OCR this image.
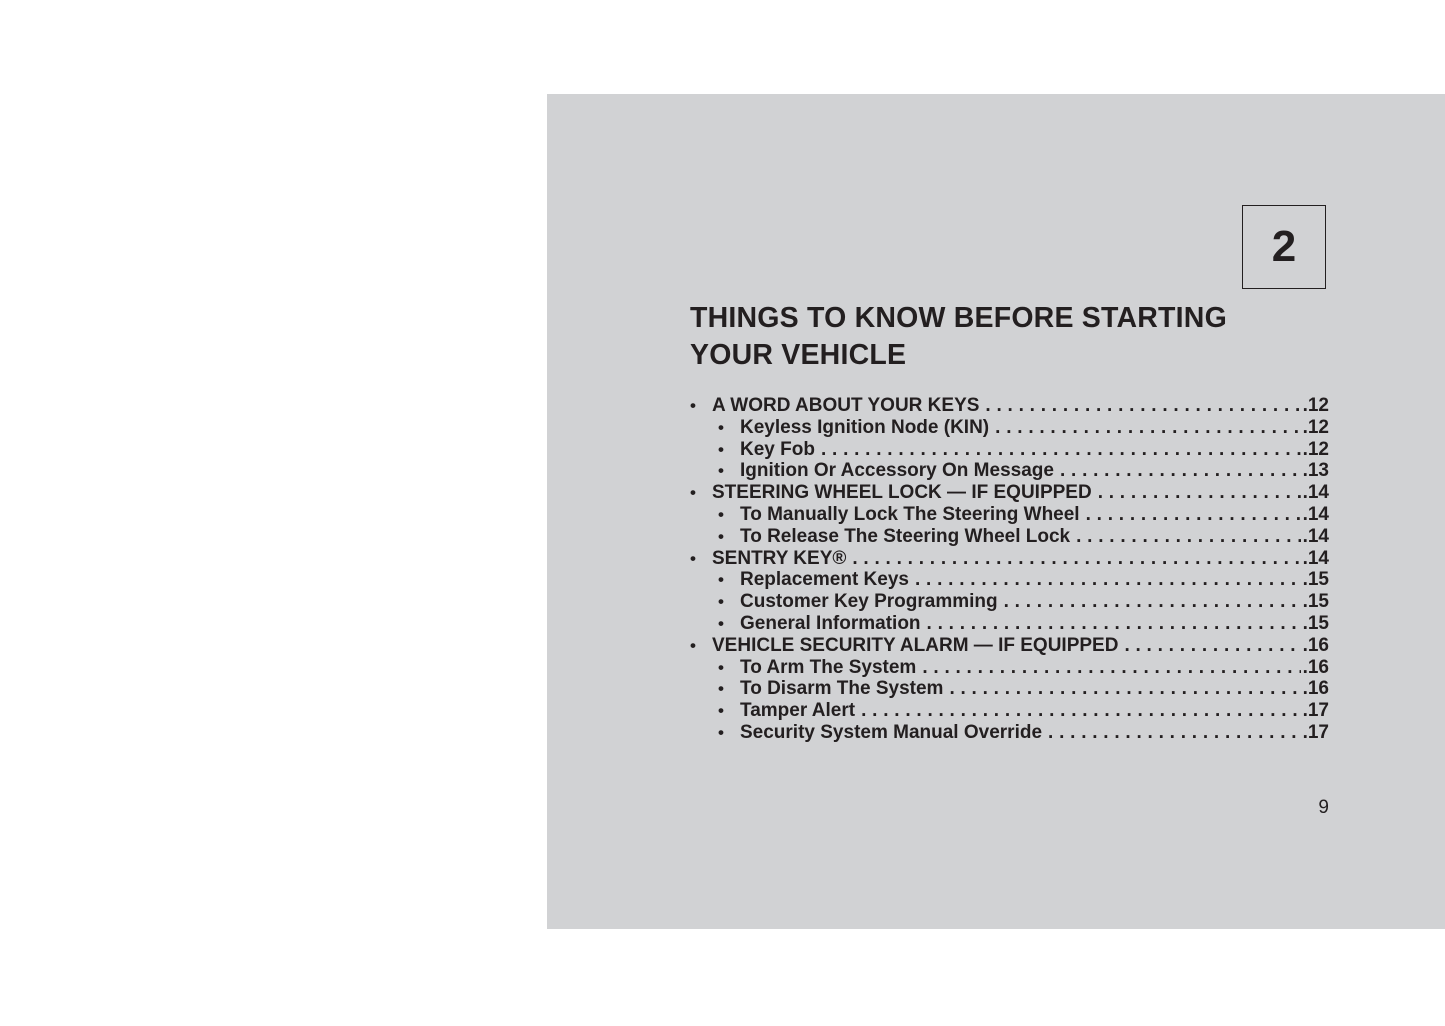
2
THINGS TO KNOW BEFORE STARTING
YOUR VEHICLE
• A WORD ABOUT YOUR KEYS . . .	.12
• Keyless Ignition Node (KIN) . . .	.12
• Key Fob . . .	.12
• Ignition Or Accessory On Message . . .	.13
• STEERING WHEEL LOCK — IF EQUIPPED . . .	.14
• To Manually Lock The Steering Wheel . . .	.14
• To Release The Steering Wheel Lock . . .	.14
• SENTRY KEY® . . .	.14
• Replacement Keys . . .	.15
• Customer Key Programming . . .	.15
• General Information . . .	.15
• VEHICLE SECURITY ALARM — IF EQUIPPED . . .	.16
• To Arm The System . . .	.16
• To Disarm The System . . .	.16
• Tamper Alert . . .	.17
• Security System Manual Override . . .	.17
9
